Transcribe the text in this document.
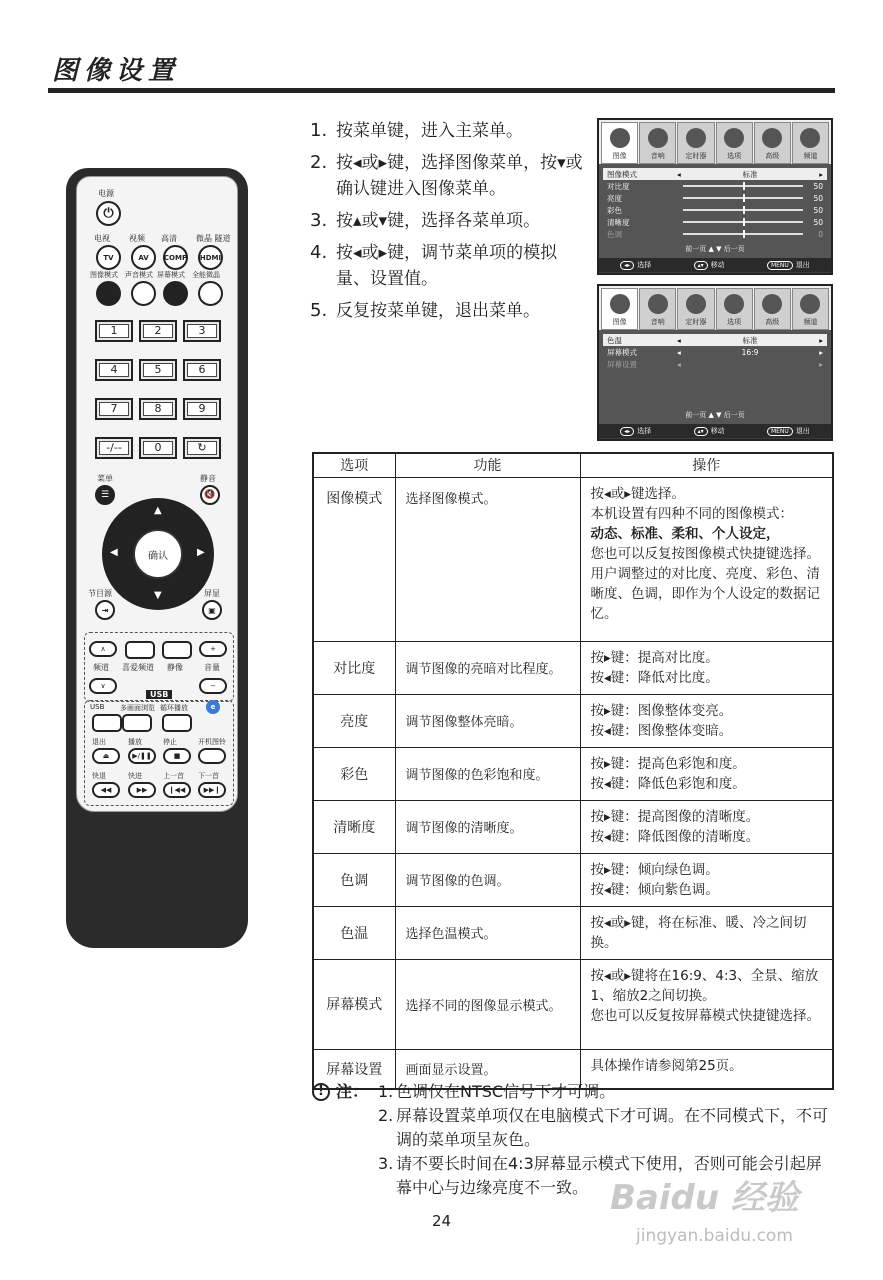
图像设置
电源
⏻
菜单
☰
静音
🔇
▲
▼
◀	▶
确认
节目源
⇥
屏显
▣
∧
频道
∨
喜爱频道 静像
+
音量
−
USB
e
1. 按菜单键，进入主菜单。
2. 按◂或▸键，选择图像菜单，按▾或确认键进入图像菜单。
3. 按▴或▾键，选择各菜单项。
4. 按◂或▸键，调节菜单项的模拟量、设置值。
5. 反复按菜单键，退出菜单。
图像	音响	定时器	选项	高级	频道
图像模式	◂	标准	▸
对比度	50
亮度	50
彩色	50
清晰度	50
色调	0
前一页 ▲ ▼ 后一页
◂▸ 选择	▴▾ 移动	MENU 退出
图像	音响	定时器	选项	高级	频道
色温	◂	标准	▸
屏幕模式	◂	16:9	▸
屏幕设置	◂	▸
前一页 ▲ ▼ 后一页
◂▸ 选择	▴▾ 移动	MENU 退出
选项	功能	操作
图像模式	选择图像模式。	按◂或▸键选择。
本机设置有四种不同的图像模式：
动态、标准、柔和、个人设定，
您也可以反复按图像模式快捷键选择。
用户调整过的对比度、亮度、彩色、清晰度、色调，即作为个人设定的数据记忆。

对比度	调节图像的亮暗对比程度。	按▸键：提高对比度。
按◂键：降低对比度。

亮度	调节图像整体亮暗。	按▸键：图像整体变亮。
按◂键：图像整体变暗。

彩色	调节图像的色彩饱和度。	按▸键：提高色彩饱和度。
按◂键：降低色彩饱和度。

清晰度	调节图像的清晰度。	按▸键：提高图像的清晰度。
按◂键：降低图像的清晰度。

色调	调节图像的色调。	按▸键：倾向绿色调。
按◂键：倾向紫色调。

色温	选择色温模式。	按◂或▸键，将在标准、暖、冷之间切换。

屏幕模式	选择不同的图像显示模式。	按◂或▸键将在16:9、4:3、全景、缩放1、缩放2之间切换。
您也可以反复按屏幕模式快捷键选择。

屏幕设置	画面显示设置。	具体操作请参阅第25页。
! 注： 1. 色调仅在NTSC信号下才可调。
2. 屏幕设置菜单项仅在电脑模式下才可调。在不同模式下，不可调的菜单项呈灰色。
3. 请不要长时间在4:3屏幕显示模式下使用，否则可能会引起屏幕中心与边缘亮度不一致。 Baidu 经验
jingyan.baidu.com
24
电视
TV
视频
AV
高清
COMP
微晶 隧道
HDMI
图像模式 声音模式 屏幕模式 全能微晶
1	2	3
4	5	6
7	8	9
-/--	0	↻
USB 多画面浏览 循环播放
退出
⏏
播放
▶/❚❚
停止
■
开机图铃
快退
◀◀
快进
▶▶
上一首
❙◀◀
下一首
▶▶❙
